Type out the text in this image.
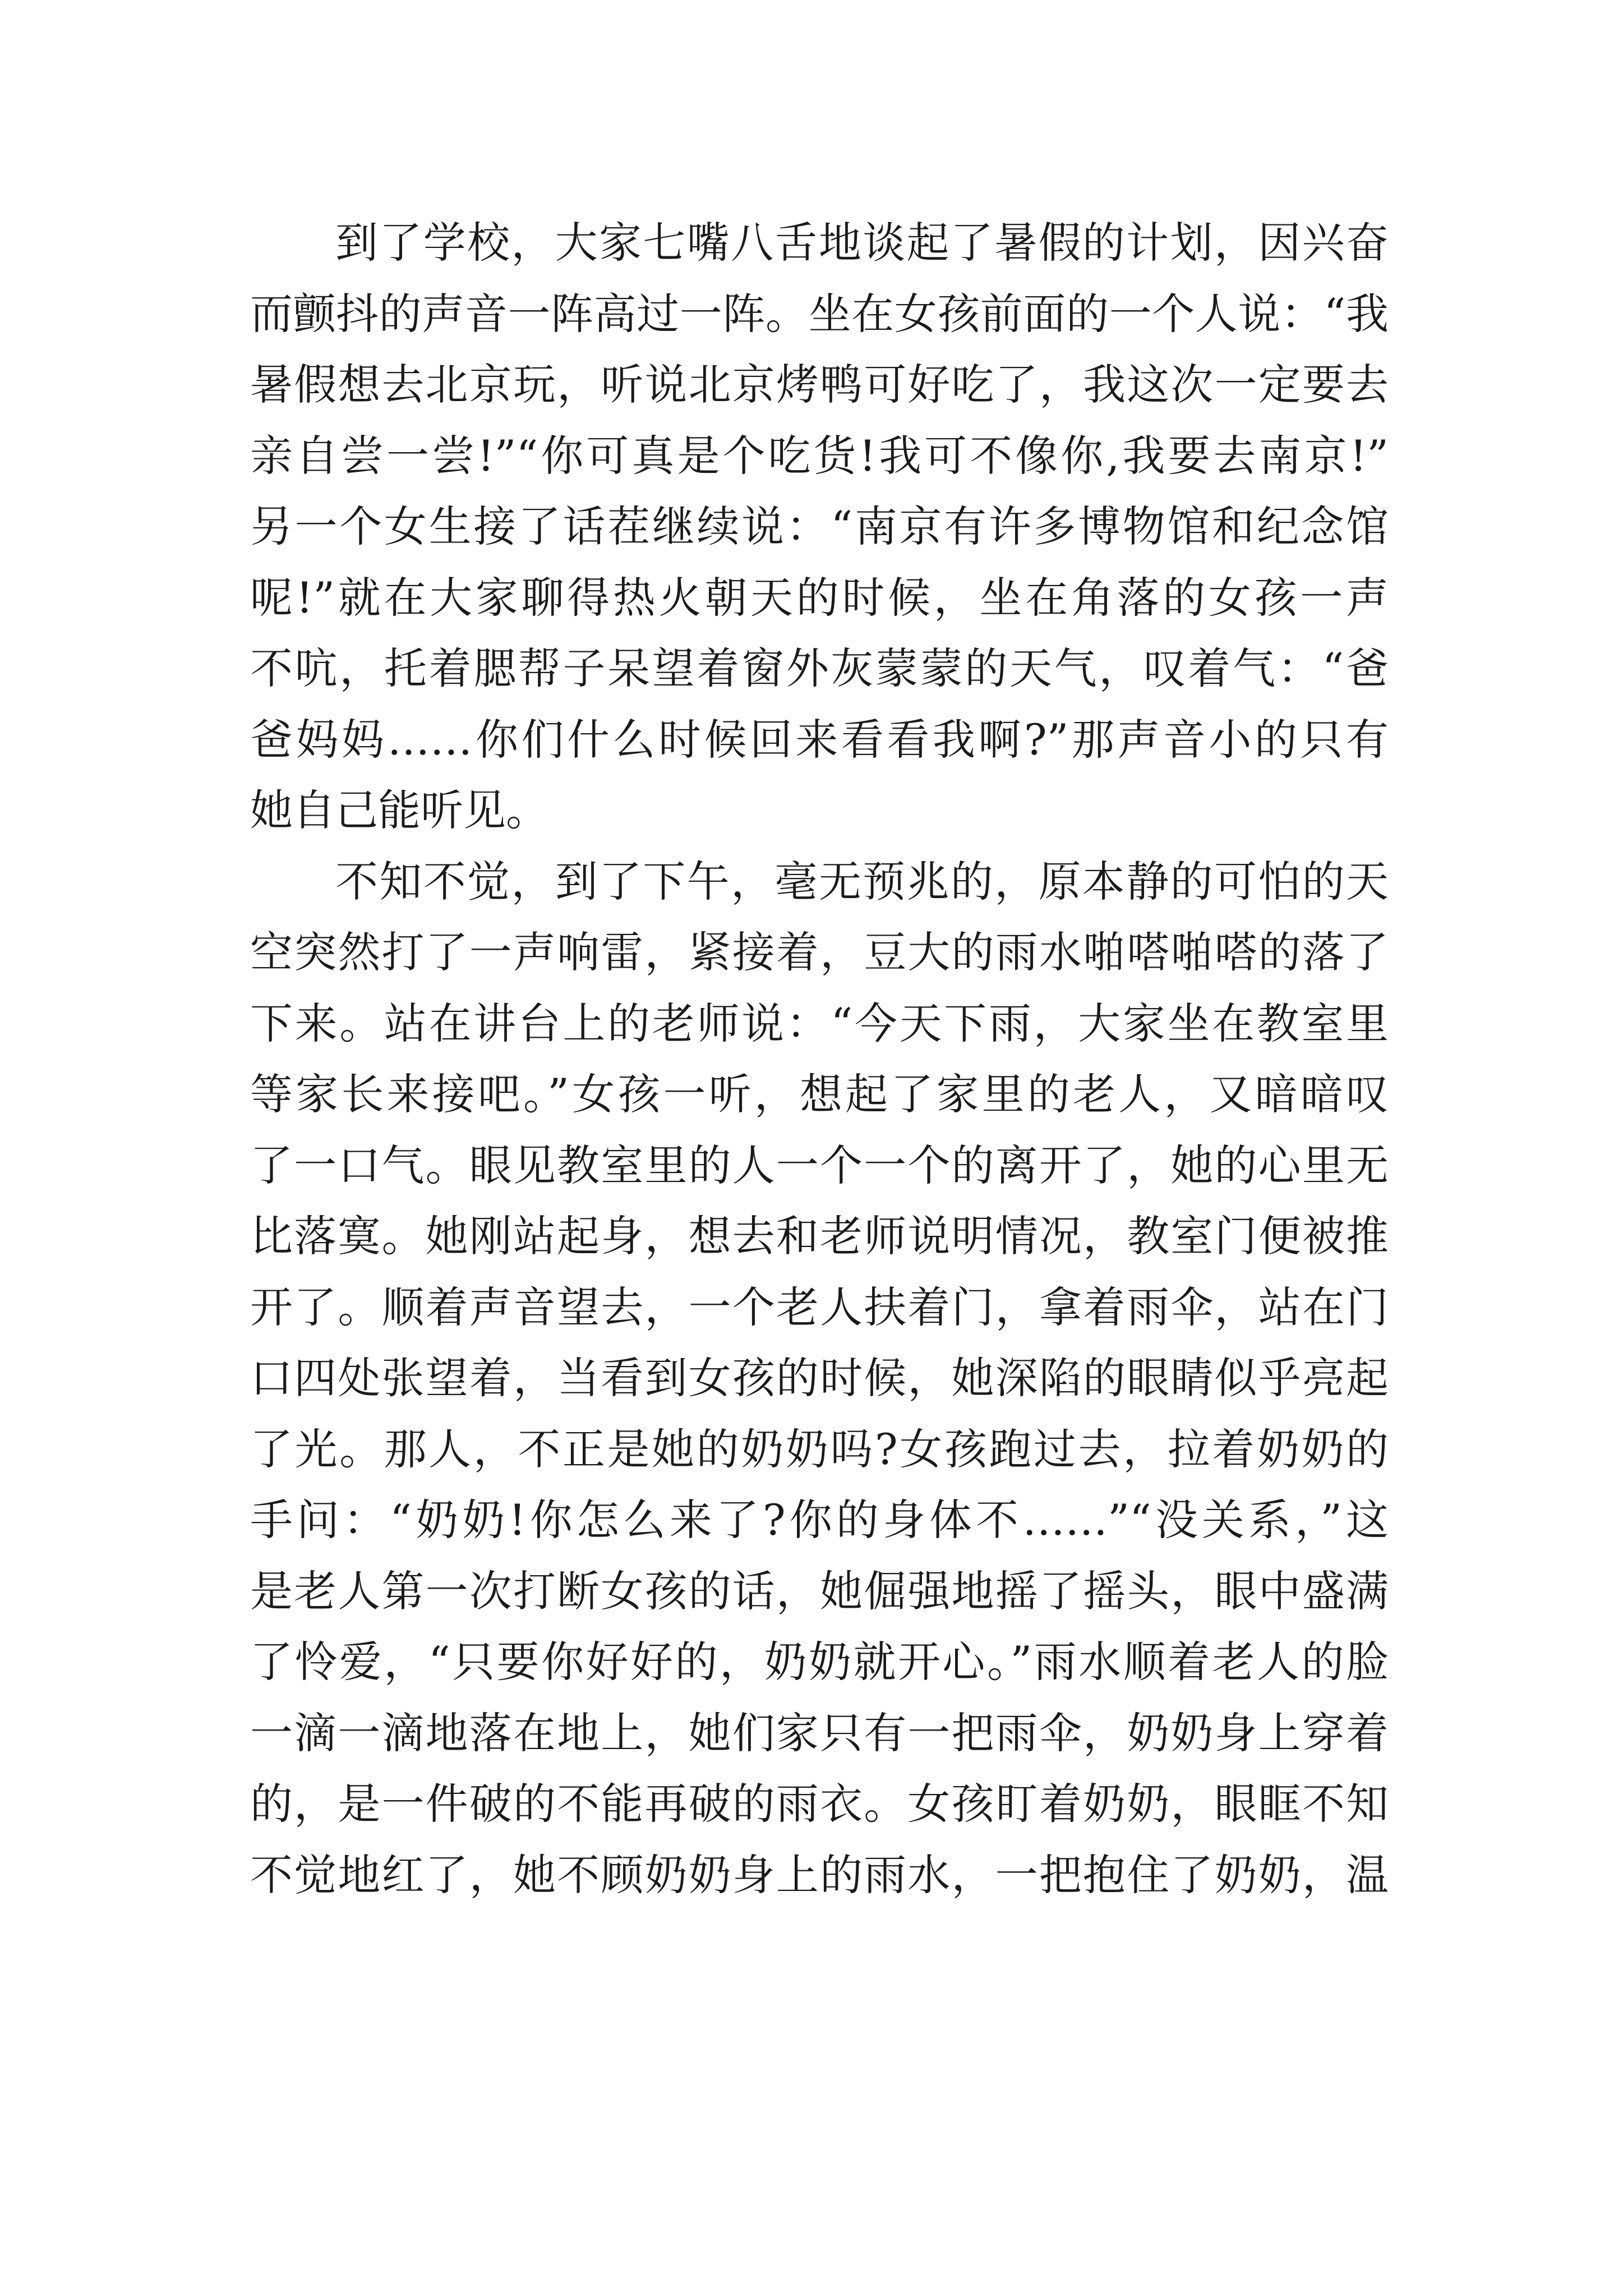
到了学校，大家七嘴八舌地谈起了暑假的计划，因兴奋
而颤抖的声音一阵高过一阵。坐在女孩前面的一个人说：“我
暑假想去北京玩，听说北京烤鸭可好吃了，我这次一定要去
亲自尝一尝!”“你可真是个吃货!我可不像你,我要去南京!”
另一个女生接了话茬继续说：“南京有许多博物馆和纪念馆
呢!”就在大家聊得热火朝天的时候，坐在角落的女孩一声
不吭，托着腮帮子呆望着窗外灰蒙蒙的天气，叹着气：“爸
爸妈妈……你们什么时候回来看看我啊?”那声音小的只有
她自己能听见。
不知不觉，到了下午，毫无预兆的，原本静的可怕的天
空突然打了一声响雷，紧接着，豆大的雨水啪嗒啪嗒的落了
下来。站在讲台上的老师说：“今天下雨，大家坐在教室里
等家长来接吧。”女孩一听，想起了家里的老人，又暗暗叹
了一口气。眼见教室里的人一个一个的离开了，她的心里无
比落寞。她刚站起身，想去和老师说明情况，教室门便被推
开了。顺着声音望去，一个老人扶着门，拿着雨伞，站在门
口四处张望着，当看到女孩的时候，她深陷的眼睛似乎亮起
了光。那人，不正是她的奶奶吗?女孩跑过去，拉着奶奶的
手问：“奶奶!你怎么来了?你的身体不……”“没关系，”这
是老人第一次打断女孩的话，她倔强地摇了摇头，眼中盛满
了怜爱，“只要你好好的，奶奶就开心。”雨水顺着老人的脸
一滴一滴地落在地上，她们家只有一把雨伞，奶奶身上穿着
的，是一件破的不能再破的雨衣。女孩盯着奶奶，眼眶不知
不觉地红了，她不顾奶奶身上的雨水，一把抱住了奶奶，温
